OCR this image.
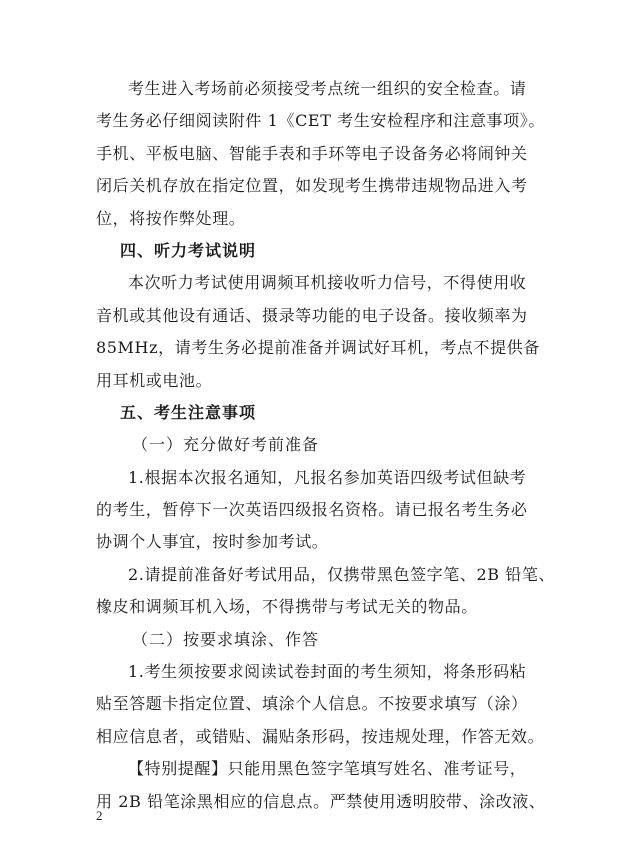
考生进入考场前必须接受考点统一组织的安全检查。请
考生务必仔细阅读附件 1《CET 考生安检程序和注意事项》。
手机、平板电脑、智能手表和手环等电子设备务必将闹钟关
闭后关机存放在指定位置，如发现考生携带违规物品进入考
位，将按作弊处理。
四、听力考试说明
本次听力考试使用调频耳机接收听力信号，不得使用收
音机或其他设有通话、摄录等功能的电子设备。接收频率为
85MHz，请考生务必提前准备并调试好耳机，考点不提供备
用耳机或电池。
五、考生注意事项
（一）充分做好考前准备
1.根据本次报名通知，凡报名参加英语四级考试但缺考
的考生，暂停下一次英语四级报名资格。请已报名考生务必
协调个人事宜，按时参加考试。
2.请提前准备好考试用品，仅携带黑色签字笔、2B 铅笔、
橡皮和调频耳机入场，不得携带与考试无关的物品。
（二）按要求填涂、作答
1.考生须按要求阅读试卷封面的考生须知，将条形码粘
贴至答题卡指定位置、填涂个人信息。不按要求填写（涂）
相应信息者，或错贴、漏贴条形码，按违规处理，作答无效。
【特别提醒】只能用黑色签字笔填写姓名、准考证号，
用 2B 铅笔涂黑相应的信息点。严禁使用透明胶带、涂改液、
2
